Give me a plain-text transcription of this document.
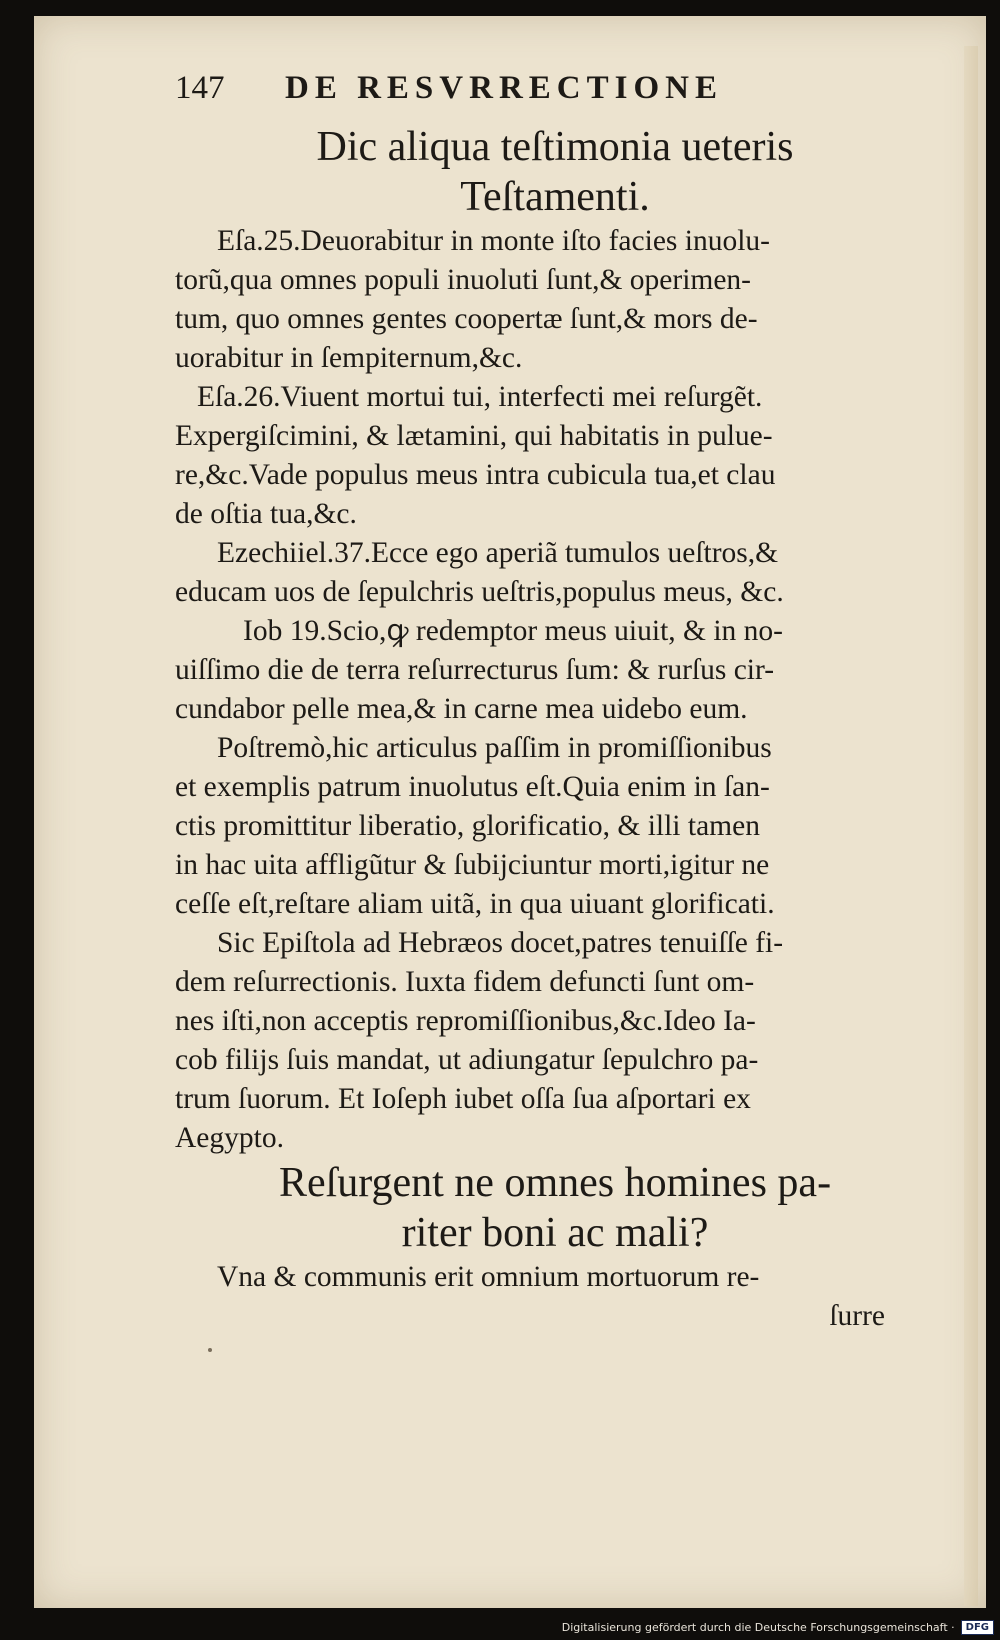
147	DE RESVRRECTIONE
Dic aliqua teſtimonia ueteris
Teſtamenti.

Eſa.25.Deuorabitur in monte iſto facies inuolu-
torũ,qua omnes populi inuoluti ſunt,& operimen-
tum, quo omnes gentes coopertæ ſunt,& mors de-
uorabitur in ſempiternum,&c.

Eſa.26.Viuent mortui tui, interfecti mei reſurgẽt.
Expergiſcimini, & lætamini, qui habitatis in pulue-
re,&c.Vade populus meus intra cubicula tua,et clau
de oſtia tua,&c.

Ezechiiel.37.Ecce ego aperiã tumulos ueſtros,&
educam uos de ſepulchris ueſtris,populus meus, &c.

Iob 19.Scio,ꝙ redemptor meus uiuit, & in no-
uiſſimo die de terra reſurrecturus ſum: & rurſus cir-
cundabor pelle mea,& in carne mea uidebo eum.

Poſtremò,hic articulus paſſim in promiſſionibus
et exemplis patrum inuolutus eſt.Quia enim in ſan-
ctis promittitur liberatio, glorificatio, & illi tamen
in hac uita affligũtur & ſubijciuntur morti,igitur ne
ceſſe eſt,reſtare aliam uitã, in qua uiuant glorificati.

Sic Epiſtola ad Hebræos docet,patres tenuiſſe fi-
dem reſurrectionis. Iuxta fidem defuncti ſunt om-
nes iſti,non acceptis repromiſſionibus,&c.Ideo Ia-
cob filijs ſuis mandat, ut adiungatur ſepulchro pa-
trum ſuorum. Et Ioſeph iubet oſſa ſua aſportari ex
Aegypto.

Reſurgent ne omnes homines pa-
riter boni ac mali?

Vna & communis erit omnium mortuorum re-

ſurre
Digitalisierung gefördert durch die Deutsche Forschungsgemeinschaft ·	DFG
